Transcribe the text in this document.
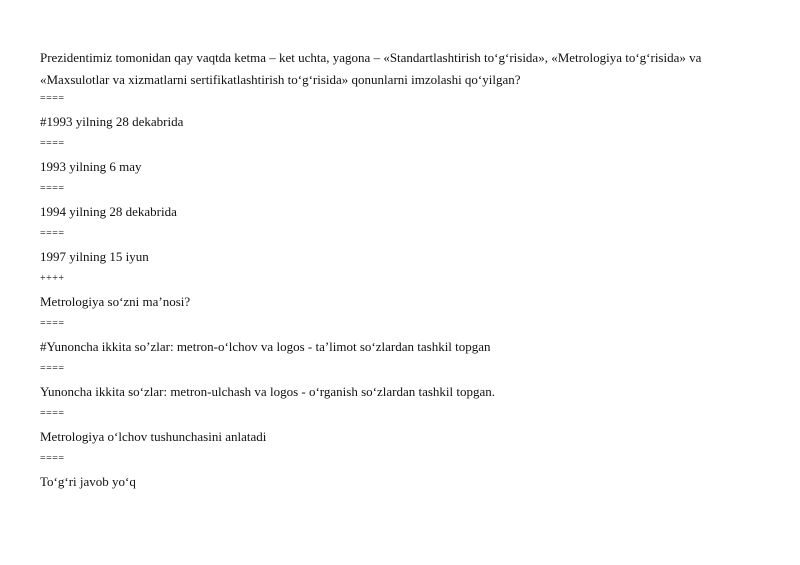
Prezidentimiz tomonidan qay vaqtda ketma – ket uchta, yagona – «Standartlashtirish to‘g‘risida», «Metrologiya to‘g‘risida» va

«Maxsulotlar va xizmatlarni sertifikatlashtirish to‘g‘risida» qonunlarni imzolashi qo‘yilgan?

====

#1993 yilning 28 dekabrida

====

1993 yilning 6 may

====

1994 yilning 28 dekabrida

====

1997 yilning 15 iyun

++++

Metrologiya so‘zni ma’nosi?

====

#Yunoncha ikkita so’zlar: metron-o‘lchov va logos - ta’limot so‘zlardan tashkil topgan

====

Yunoncha ikkita so‘zlar: metron-ulchash va logos - o‘rganish so‘zlardan tashkil topgan.

====

Metrologiya o‘lchov tushunchasini anlatadi

====

To‘g‘ri javob yo‘q
